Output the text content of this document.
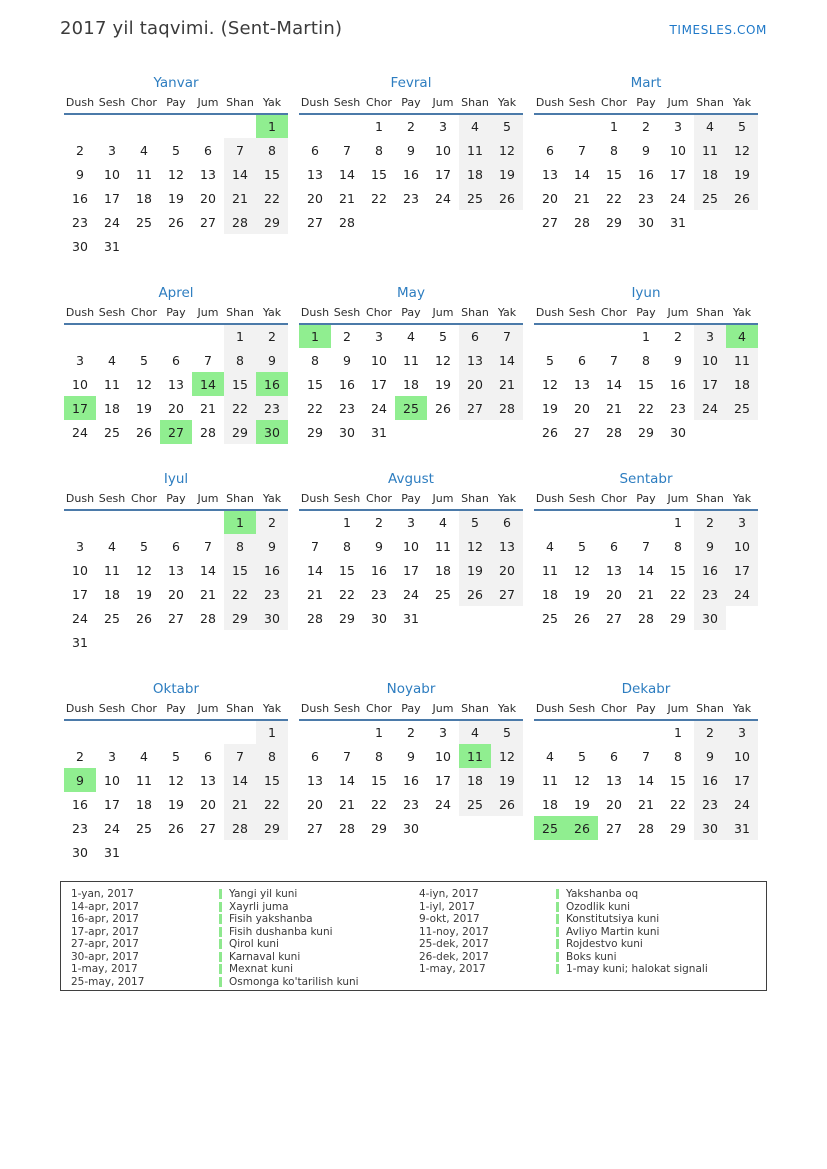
2017 yil taqvimi. (Sent-Martin)	TIMESLES.COM
Yanvar
Dush	Sesh	Chor	Pay	Jum	Shan	Yak
						1
2	3	4	5	6	7	8
9	10	11	12	13	14	15
16	17	18	19	20	21	22
23	24	25	26	27	28	29
30	31					
Fevral
Dush	Sesh	Chor	Pay	Jum	Shan	Yak
		1	2	3	4	5
6	7	8	9	10	11	12
13	14	15	16	17	18	19
20	21	22	23	24	25	26
27	28					
Mart
Dush	Sesh	Chor	Pay	Jum	Shan	Yak
		1	2	3	4	5
6	7	8	9	10	11	12
13	14	15	16	17	18	19
20	21	22	23	24	25	26
27	28	29	30	31		
Aprel
Dush	Sesh	Chor	Pay	Jum	Shan	Yak
					1	2
3	4	5	6	7	8	9
10	11	12	13	14	15	16
17	18	19	20	21	22	23
24	25	26	27	28	29	30
May
Dush	Sesh	Chor	Pay	Jum	Shan	Yak
1	2	3	4	5	6	7
8	9	10	11	12	13	14
15	16	17	18	19	20	21
22	23	24	25	26	27	28
29	30	31				
Iyun
Dush	Sesh	Chor	Pay	Jum	Shan	Yak
			1	2	3	4
5	6	7	8	9	10	11
12	13	14	15	16	17	18
19	20	21	22	23	24	25
26	27	28	29	30		
Iyul
Dush	Sesh	Chor	Pay	Jum	Shan	Yak
					1	2
3	4	5	6	7	8	9
10	11	12	13	14	15	16
17	18	19	20	21	22	23
24	25	26	27	28	29	30
31						
Avgust
Dush	Sesh	Chor	Pay	Jum	Shan	Yak
	1	2	3	4	5	6
7	8	9	10	11	12	13
14	15	16	17	18	19	20
21	22	23	24	25	26	27
28	29	30	31			
Sentabr
Dush	Sesh	Chor	Pay	Jum	Shan	Yak
				1	2	3
4	5	6	7	8	9	10
11	12	13	14	15	16	17
18	19	20	21	22	23	24
25	26	27	28	29	30	
Oktabr
Dush	Sesh	Chor	Pay	Jum	Shan	Yak
						1
2	3	4	5	6	7	8
9	10	11	12	13	14	15
16	17	18	19	20	21	22
23	24	25	26	27	28	29
30	31					
Noyabr
Dush	Sesh	Chor	Pay	Jum	Shan	Yak
		1	2	3	4	5
6	7	8	9	10	11	12
13	14	15	16	17	18	19
20	21	22	23	24	25	26
27	28	29	30			
Dekabr
Dush	Sesh	Chor	Pay	Jum	Shan	Yak
				1	2	3
4	5	6	7	8	9	10
11	12	13	14	15	16	17
18	19	20	21	22	23	24
25	26	27	28	29	30	31
1-yan, 2017	Yangi yil kuni	4-iyn, 2017	Yakshanba oq
14-apr, 2017	Xayrli juma	1-iyl, 2017	Ozodlik kuni
16-apr, 2017	Fisih yakshanba	9-okt, 2017	Konstitutsiya kuni
17-apr, 2017	Fisih dushanba kuni	11-noy, 2017	Avliyo Martin kuni
27-apr, 2017	Qirol kuni	25-dek, 2017	Rojdestvo kuni
30-apr, 2017	Karnaval kuni	26-dek, 2017	Boks kuni
1-may, 2017	Mexnat kuni	1-may, 2017	1-may kuni; halokat signali
25-may, 2017	Osmonga ko'tarilish kuni
